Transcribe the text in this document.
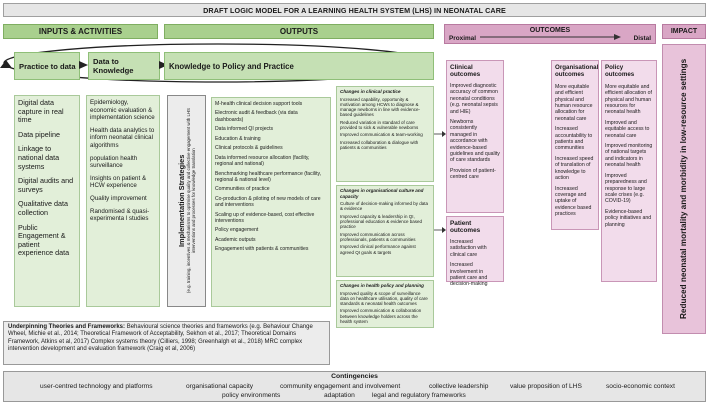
DRAFT LOGIC MODEL FOR A LEARNING HEALTH SYSTEM (LHS) IN NEONATAL CARE
INPUTS & ACTIVITIES	OUTPUTS	OUTCOMES
Proximal	Distal
IMPACT
Practice to data Data to Knowledge	Knowledge to Policy and Practice
Digital data capture in real time
Data pipeline
Linkage to national data systems
Digital audits and surveys
Qualitative data collection
Public Engagement & patient experience data
Epidemiology, economic evaluation & implementation science
Health data analytics to inform neonatal clinical algorithms
population health surveillance
Insights on patient & HCW experience
Quality improvement
Randomised & quasi-experimenta l studies	Implementation Strategies (e.g. training, incentives & mechanisms to optimise quality and collective engagement with LHS interventions and processes for knowledge translation
M-health clinical decision support tools
Electronic audit & feedback (via data dashboards)
Data informed QI projects
Education & training
Clinical protocols & guidelines
Data informed resource allocation (facility, regional and national)
Benchmarking healthcare performance (facility, regional & national level)
Communities of practice
Co-production & piloting of new models of care and interventions
Scaling up of evidence-based, cost effective interventions
Policy engagement
Academic outputs
Engagement with patients & communities
Changes in clinical practice
Increased capability, opportunity & motivation among HCWs to diagnose & manage newborns in line with evidence-based guidelines
Reduced variation in standard of care provided to sick & vulnerable newborns
Improved communication & team-working
Increased collaboration & dialogue with patients & communities
Changes in organisational culture and capacity
Culture of decision-making informed by data & evidence
Improved capacity & leadership in QI, professional education & evidence based practice
Improved communication across professionals, patients & communities
Improved clinical performance against agreed QI goals & targets
Changes in health policy and planning
Improved quality & scope of surveillance data on healthcare utilisation, quality of care standards & neonatal health outcomes
Improved communication & collaboration between knowledge holders across the health system
Clinical outcomes
Improved diagnostic accuracy of common neonatal conditions (e.g. neonatal sepsis and HIE)
Newborns consistently managed in accordance with evidence-based guidelines and quality of care standards
Provision of patient-centred care
Patient outcomes
Increased satisfaction with clinical care
Increased involvement in patient care and decision-making
Organisational outcomes
More equitable and efficient physical and human resource allocation for neonatal care
Increased accountability to patients and communities
Increased speed of translation of knowledge to action
Increased coverage and uptake of evidence based practices
Policy outcomes
More equitable and efficient allocation of physical and human resources for neonatal health
Improved and equitable access to neonatal care
Improved monitoring of national targets and indicators in neonatal health
Improved preparedness and response to large scale crises (e.g. COVID-19)
Evidence-based policy initiatives and planning	Reduced neonatal mortality and morbidity in low-resource settings
Underpinning Theories and Frameworks: Behavioural science theories and frameworks (e.g. Behaviour Change Wheel, Michie et al., 2014; Theoretical Framework of Acceptability, Sekhon et al., 2017; Theoretical Domains Framework, Atkins et al, 2017) Complex systems theory (Cilliers, 1998; Greenhalgh et al., 2018) MRC complex intervention development and evaluation framework (Craig et al, 2006)
Contingencies
user-centred technology and platforms	organisational capacity	community engagement and involvement	collective leadership	value proposition of LHS	socio-economic context
policy environments	adaptation	legal and regulatory frameworks
